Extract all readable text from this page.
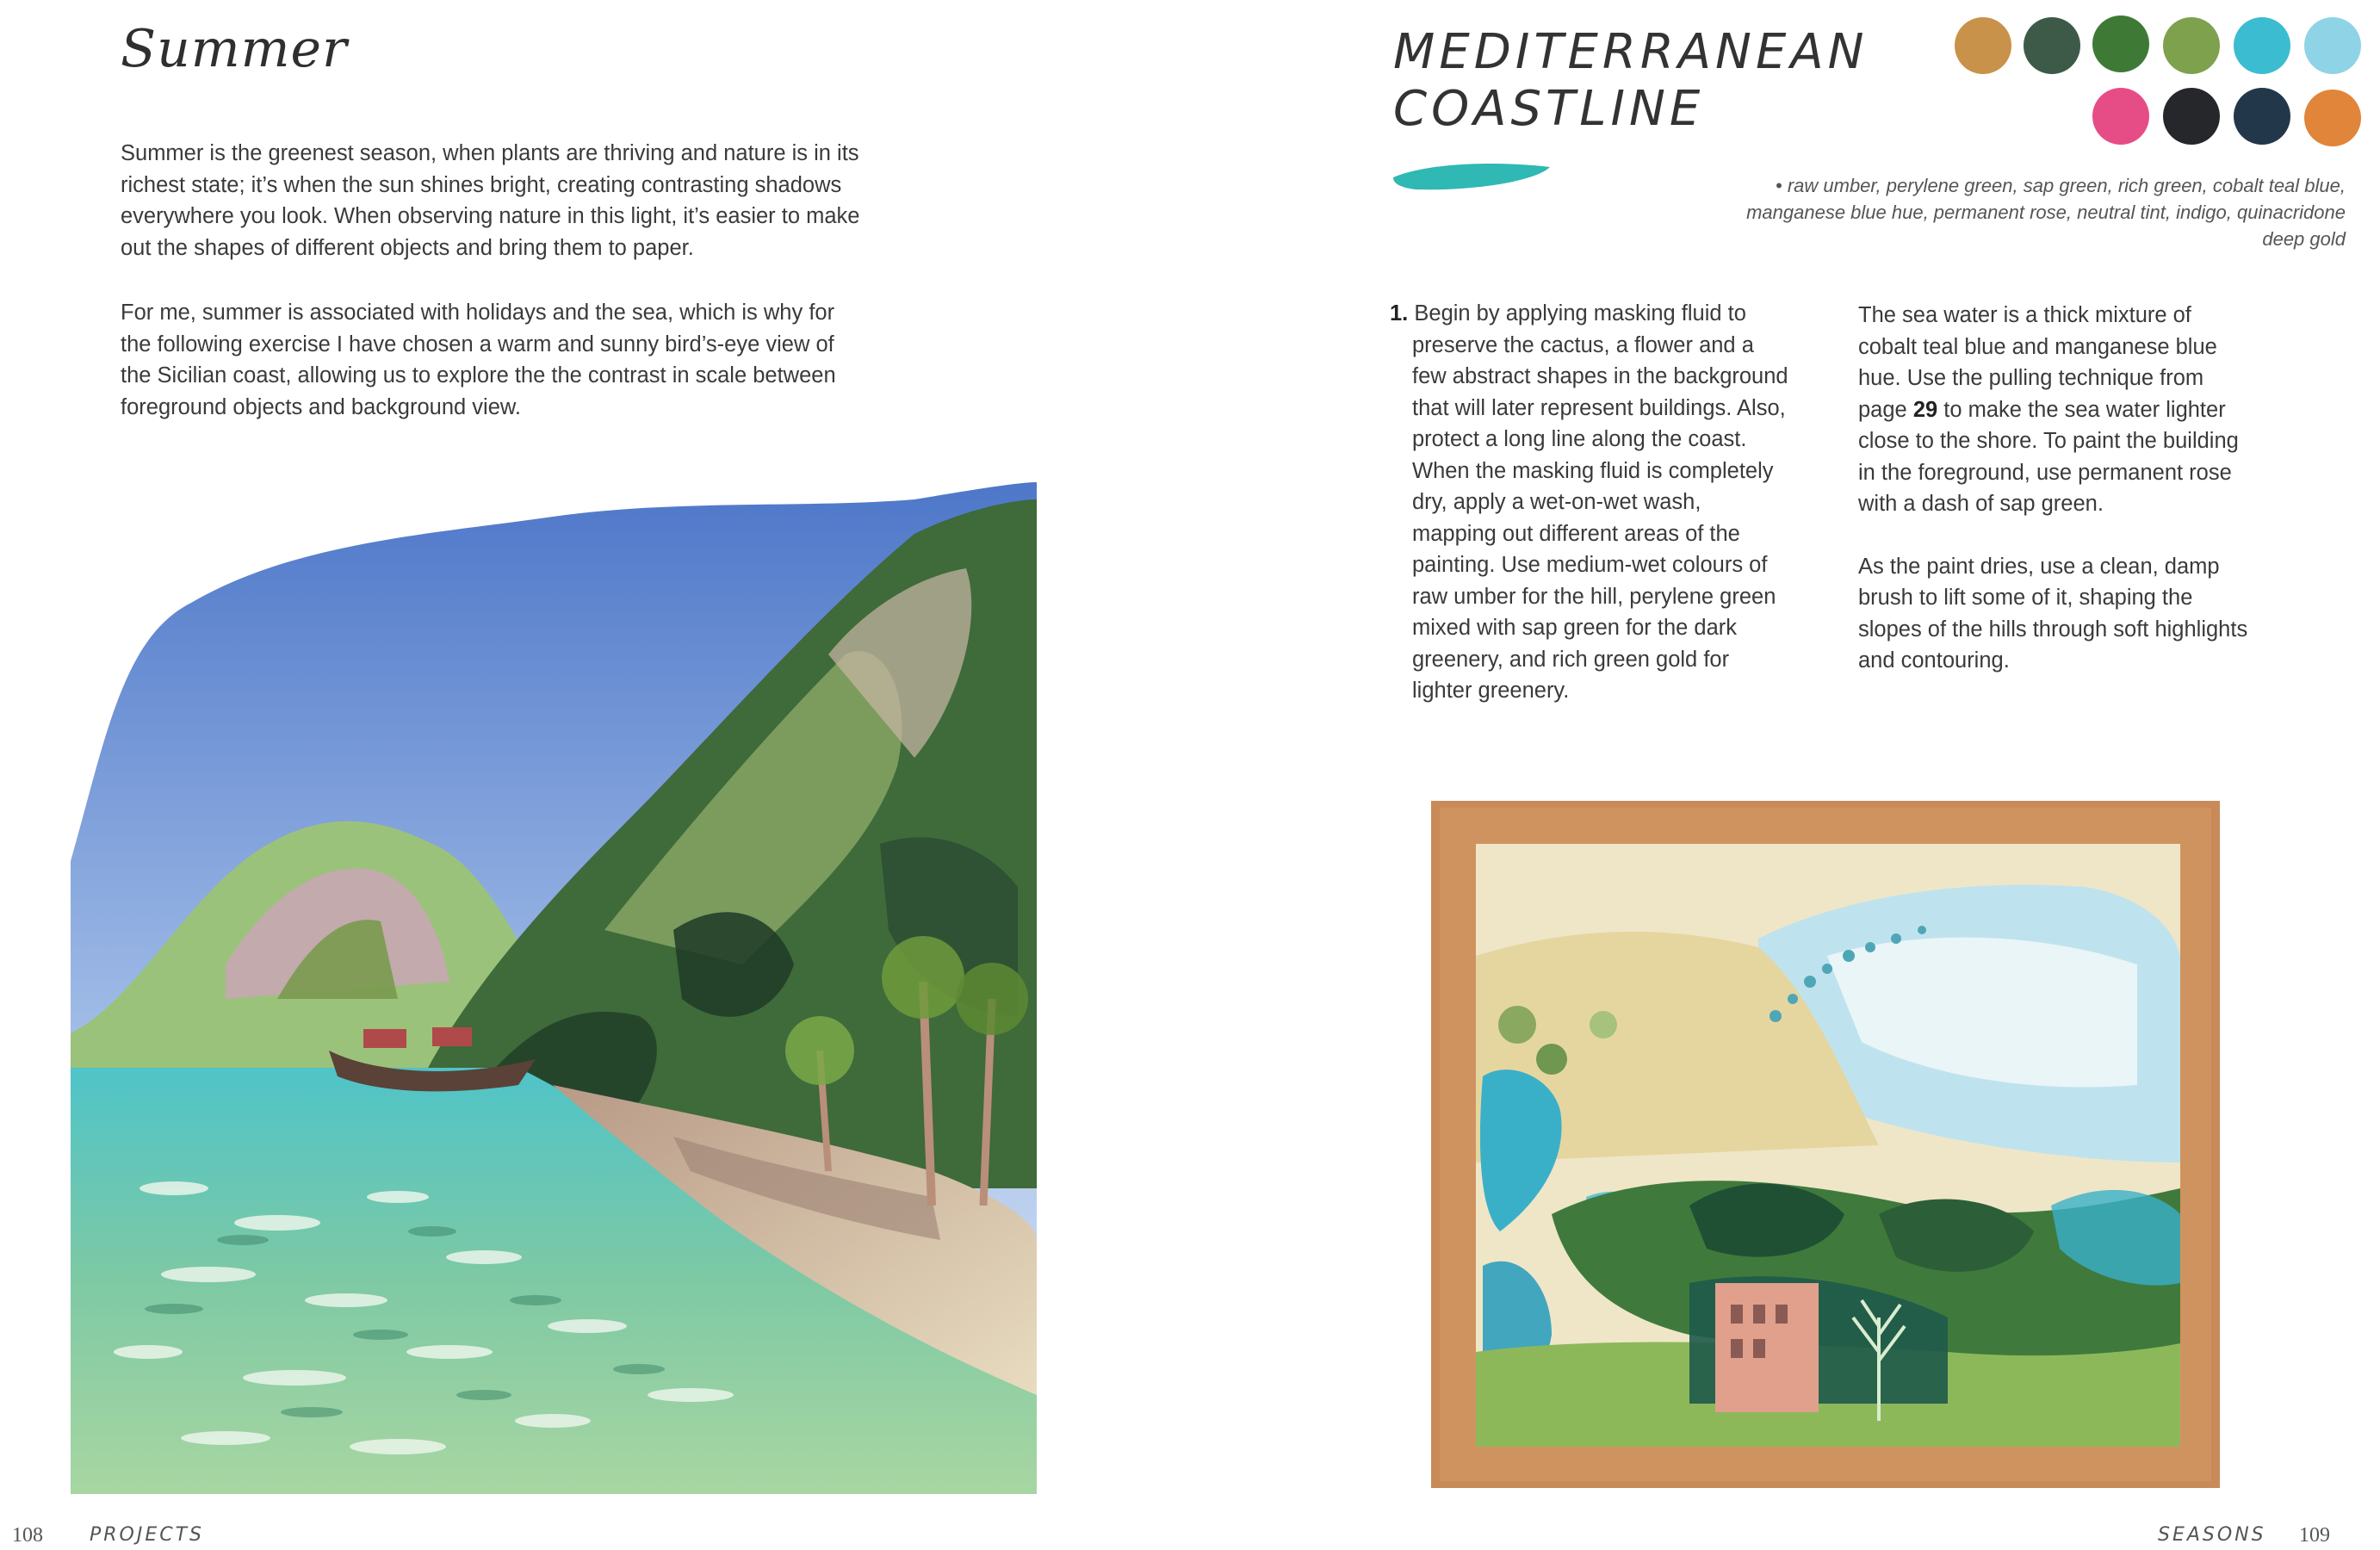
Summer

Summer is the greenest season, when plants are thriving and nature is in its richest state; it’s when the sun shines bright, creating contrasting shadows everywhere you look. When observing nature in this light, it’s easier to make out the shapes of different objects and bring them to paper.

For me, summer is associated with holidays and the sea, which is why for the following exercise I have chosen a warm and sunny bird’s-eye view of the Sicilian coast, allowing us to explore the the contrast in scale between foreground objects and background view.

108 PROJECTS
MEDITERRANEAN
COASTLINE

• raw umber, perylene green, sap green, rich green, cobalt teal blue, manganese blue hue, permanent rose, neutral tint, indigo, quinacridone deep gold

1. Begin by applying masking fluid to preserve the cactus, a flower and a few abstract shapes in the background that will later represent buildings. Also, protect a long line along the coast. When the masking fluid is completely dry, apply a wet-on-wet wash, mapping out different areas of the painting. Use medium-wet colours of raw umber for the hill, perylene green mixed with sap green for the dark greenery, and rich green gold for lighter greenery.

The sea water is a thick mixture of cobalt teal blue and manganese blue hue. Use the pulling technique from page 29 to make the sea water lighter close to the shore. To paint the building in the foreground, use permanent rose with a dash of sap green.

As the paint dries, use a clean, damp brush to lift some of it, shaping the slopes of the hills through soft highlights and contouring.

SEASONS 109
